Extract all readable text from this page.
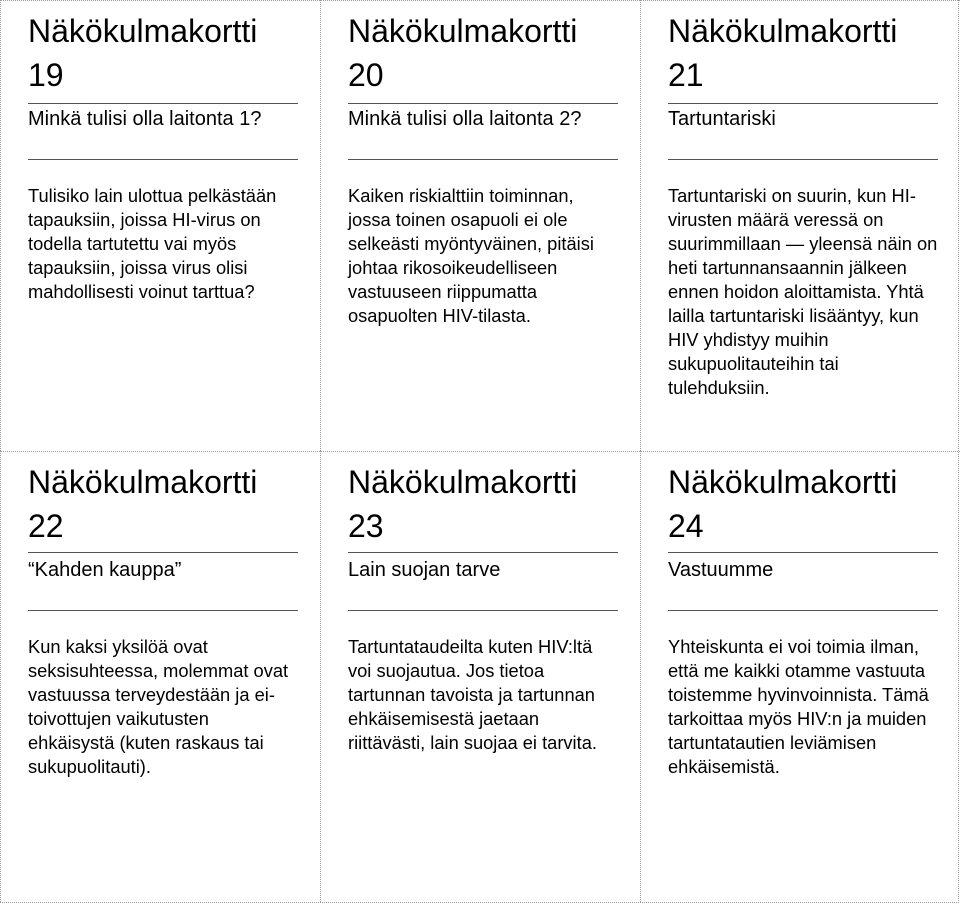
Näkökulmakortti
19
Minkä tulisi olla laitonta 1?
Tulisiko lain ulottua pelkästään tapauksiin, joissa HI-virus on todella tartutettu vai myös tapauksiin, joissa virus olisi mahdollisesti voinut tarttua?
Näkökulmakortti
20
Minkä tulisi olla laitonta 2?
Kaiken riskialttiin toiminnan, jossa toinen osapuoli ei ole selkeästi myöntyväinen, pitäisi johtaa rikosoikeudelliseen vastuuseen riippumatta osapuolten HIV-tilasta.
Näkökulmakortti
21
Tartuntariski
Tartuntariski on suurin, kun HI-virusten määrä veressä on suurimmillaan — yleensä näin on heti tartunnansaannin jälkeen ennen hoidon aloittamista. Yhtä lailla tartuntariski lisääntyy, kun HIV yhdistyy muihin sukupuolitauteihin tai tulehduksiin.
Näkökulmakortti
22
“Kahden kauppa”
Kun kaksi yksilöä ovat seksisuhteessa, molemmat ovat vastuussa terveydestään ja ei-toivottujen vaikutusten ehkäisystä (kuten raskaus tai sukupuolitauti).
Näkökulmakortti
23
Lain suojan tarve
Tartuntataudeilta kuten HIV:ltä voi suojautua. Jos tietoa tartunnan tavoista ja tartunnan ehkäisemisestä jaetaan riittävästi, lain suojaa ei tarvita.
Näkökulmakortti
24
Vastuumme
Yhteiskunta ei voi toimia ilman, että me kaikki otamme vastuuta toistemme hyvinvoinnista. Tämä tarkoittaa myös HIV:n ja muiden tartuntatautien leviämisen ehkäisemistä.
